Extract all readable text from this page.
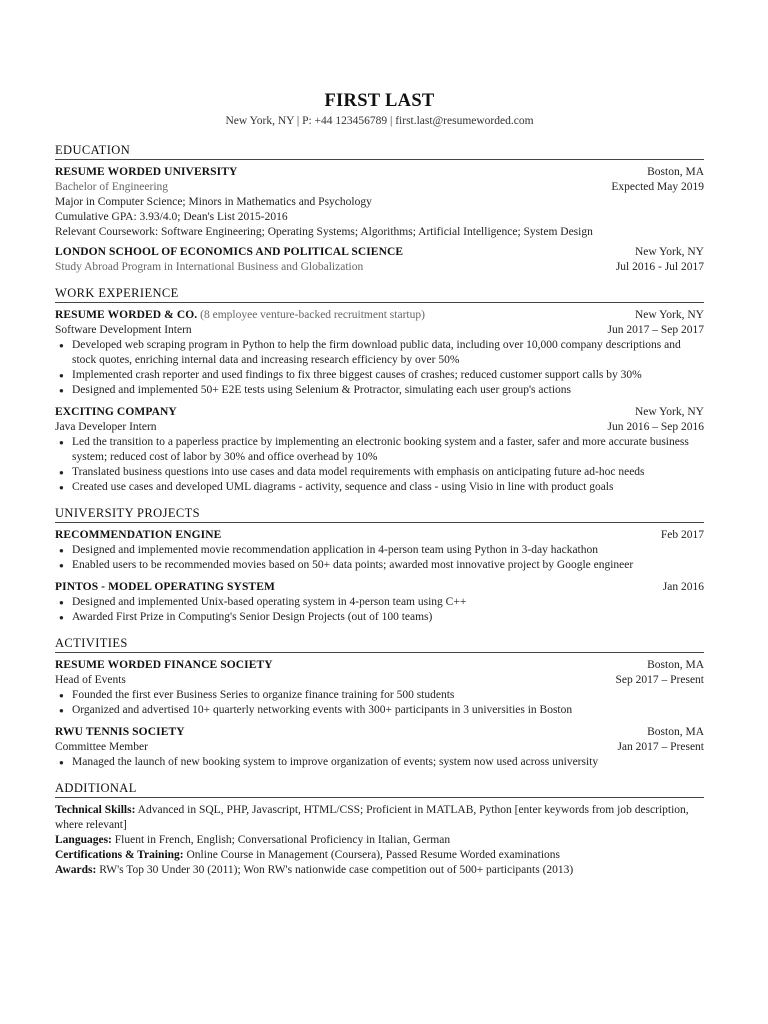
FIRST LAST
New York, NY | P: +44 123456789 | first.last@resumeworded.com
EDUCATION
RESUME WORDED UNIVERSITY	Boston, MA
Bachelor of Engineering	Expected May 2019
Major in Computer Science; Minors in Mathematics and Psychology
Cumulative GPA: 3.93/4.0; Dean's List 2015-2016
Relevant Coursework: Software Engineering; Operating Systems; Algorithms; Artificial Intelligence; System Design
LONDON SCHOOL OF ECONOMICS AND POLITICAL SCIENCE	New York, NY
Study Abroad Program in International Business and Globalization	Jul 2016 - Jul 2017
WORK EXPERIENCE
RESUME WORDED & CO. (8 employee venture-backed recruitment startup)	New York, NY
Software Development Intern	Jun 2017 – Sep 2017
● Developed web scraping program in Python to help the firm download public data, including over 10,000 company descriptions and stock quotes, enriching internal data and increasing research efficiency by over 50%
● Implemented crash reporter and used findings to fix three biggest causes of crashes; reduced customer support calls by 30%
● Designed and implemented 50+ E2E tests using Selenium & Protractor, simulating each user group's actions
EXCITING COMPANY	New York, NY
Java Developer Intern	Jun 2016 – Sep 2016
● Led the transition to a paperless practice by implementing an electronic booking system and a faster, safer and more accurate business system; reduced cost of labor by 30% and office overhead by 10%
● Translated business questions into use cases and data model requirements with emphasis on anticipating future ad-hoc needs
● Created use cases and developed UML diagrams - activity, sequence and class - using Visio in line with product goals
UNIVERSITY PROJECTS
RECOMMENDATION ENGINE	Feb 2017
● Designed and implemented movie recommendation application in 4-person team using Python in 3-day hackathon
● Enabled users to be recommended movies based on 50+ data points; awarded most innovative project by Google engineer
PINTOS - MODEL OPERATING SYSTEM	Jan 2016
● Designed and implemented Unix-based operating system in 4-person team using C++
● Awarded First Prize in Computing's Senior Design Projects (out of 100 teams)
ACTIVITIES
RESUME WORDED FINANCE SOCIETY	Boston, MA
Head of Events	Sep 2017 – Present
● Founded the first ever Business Series to organize finance training for 500 students
● Organized and advertised 10+ quarterly networking events with 300+ participants in 3 universities in Boston
RWU TENNIS SOCIETY	Boston, MA
Committee Member	Jan 2017 – Present
● Managed the launch of new booking system to improve organization of events; system now used across university
ADDITIONAL
Technical Skills: Advanced in SQL, PHP, Javascript, HTML/CSS; Proficient in MATLAB, Python [enter keywords from job description, where relevant]
Languages: Fluent in French, English; Conversational Proficiency in Italian, German
Certifications & Training: Online Course in Management (Coursera), Passed Resume Worded examinations
Awards: RW's Top 30 Under 30 (2011); Won RW's nationwide case competition out of 500+ participants (2013)
